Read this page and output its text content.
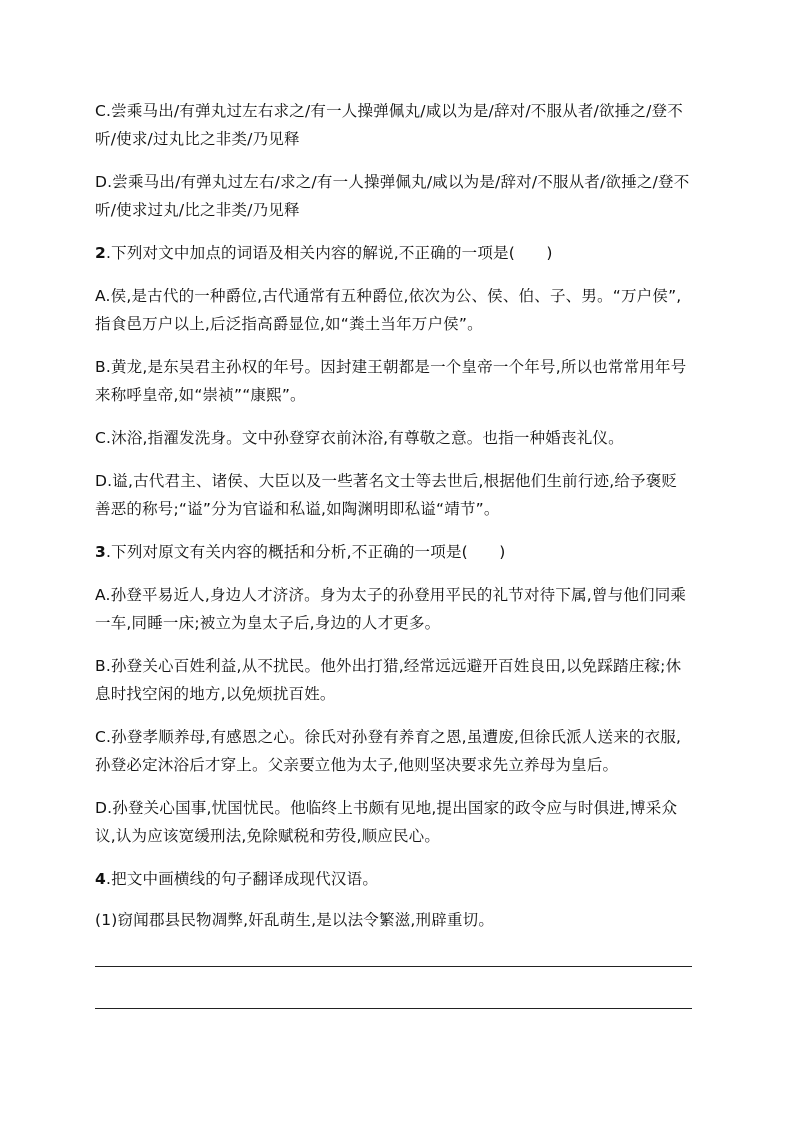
C.尝乘马出/有弹丸过左右求之/有一人操弹佩丸/咸以为是/辞对/不服从者/欲捶之/登不
听/使求/过丸比之非类/乃见释
D.尝乘马出/有弹丸过左右/求之/有一人操弹佩丸/咸以为是/辞对/不服从者/欲捶之/登不
听/使求过丸/比之非类/乃见释
2.下列对文中加点的词语及相关内容的解说,不正确的一项是(　　)
A.侯,是古代的一种爵位,古代通常有五种爵位,依次为公、侯、伯、子、男。“万户侯”,
指食邑万户以上,后泛指高爵显位,如“粪土当年万户侯”。
B.黄龙,是东吴君主孙权的年号。因封建王朝都是一个皇帝一个年号,所以也常常用年号
来称呼皇帝,如“崇祯”“康熙”。
C.沐浴,指濯发洗身。文中孙登穿衣前沐浴,有尊敬之意。也指一种婚丧礼仪。
D.谥,古代君主、诸侯、大臣以及一些著名文士等去世后,根据他们生前行迹,给予褒贬
善恶的称号;“谥”分为官谥和私谥,如陶渊明即私谥“靖节”。
3.下列对原文有关内容的概括和分析,不正确的一项是(　　)
A.孙登平易近人,身边人才济济。身为太子的孙登用平民的礼节对待下属,曾与他们同乘
一车,同睡一床;被立为皇太子后,身边的人才更多。
B.孙登关心百姓利益,从不扰民。他外出打猎,经常远远避开百姓良田,以免踩踏庄稼;休
息时找空闲的地方,以免烦扰百姓。
C.孙登孝顺养母,有感恩之心。徐氏对孙登有养育之恩,虽遭废,但徐氏派人送来的衣服,
孙登必定沐浴后才穿上。父亲要立他为太子,他则坚决要求先立养母为皇后。
D.孙登关心国事,忧国忧民。他临终上书颇有见地,提出国家的政令应与时俱进,博采众
议,认为应该宽缓刑法,免除赋税和劳役,顺应民心。
4.把文中画横线的句子翻译成现代汉语。
(1)窃闻郡县民物凋弊,奸乱萌生,是以法令繁滋,刑辟重切。
